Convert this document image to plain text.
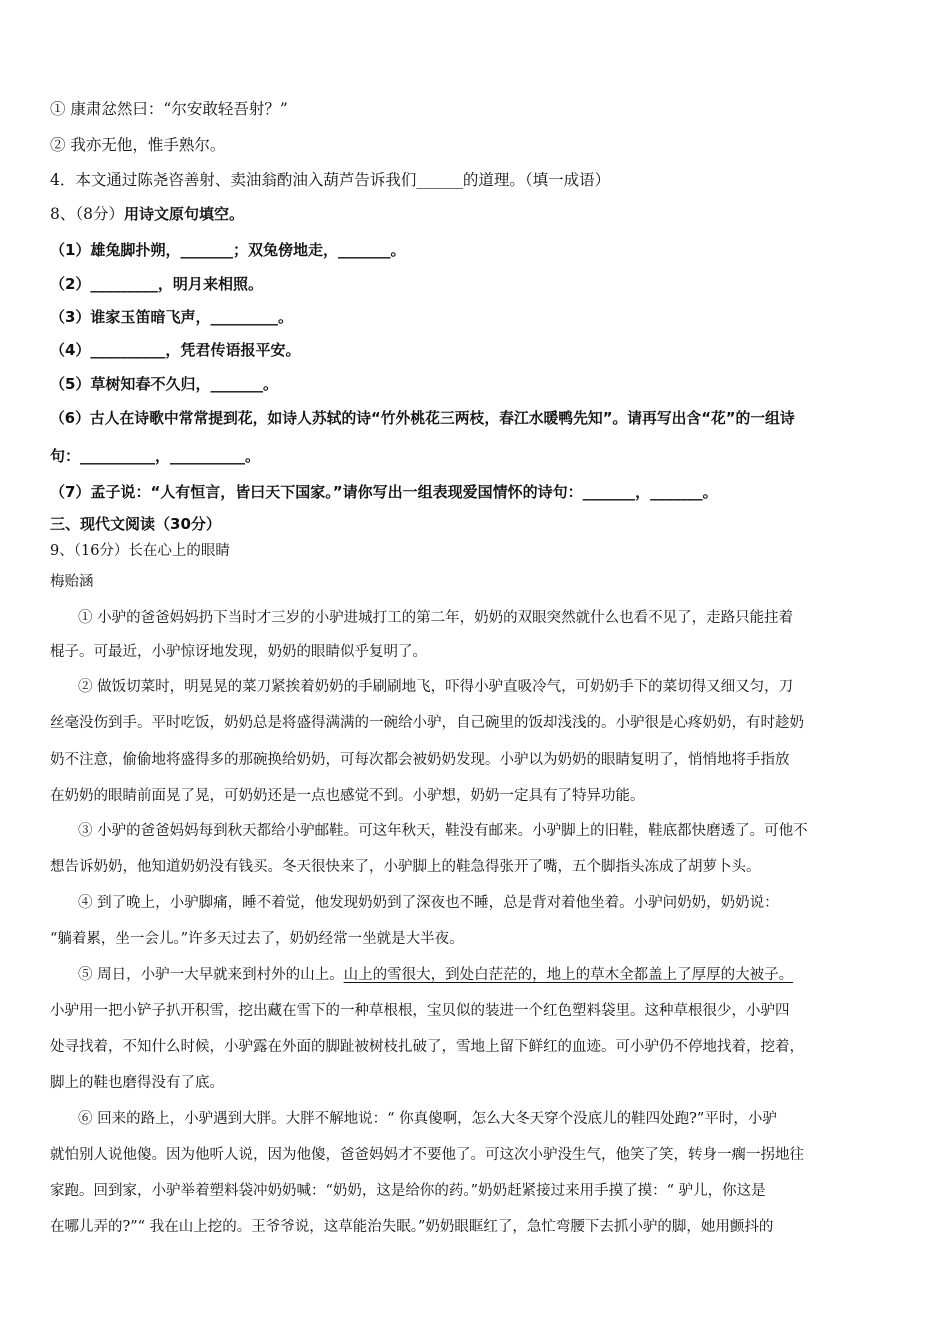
① 康肃忿然曰：“尔安敢轻吾射？”
② 我亦无他，惟手熟尔。
4．本文通过陈尧咨善射、卖油翁酌油入葫芦告诉我们______的道理。（填一成语）
8、（8分）用诗文原句填空。
（1）雄兔脚扑朔，_______；双兔傍地走，_______。
（2）_________，明月来相照。
（3）谁家玉笛暗飞声，_________。
（4）__________，凭君传语报平安。
（5）草树知春不久归，_______。
（6）古人在诗歌中常常提到花，如诗人苏轼的诗“竹外桃花三两枝，春江水暖鸭先知”。请再写出含“花”的一组诗
句：__________，__________。
（7）孟子说：“人有恒言，皆曰天下国家。”请你写出一组表现爱国情怀的诗句：_______，_______。
三、现代文阅读（30分）
9、（16分）长在心上的眼睛
梅贻涵
① 小驴的爸爸妈妈扔下当时才三岁的小驴进城打工的第二年，奶奶的双眼突然就什么也看不见了，走路只能拄着
棍子。可最近，小驴惊讶地发现，奶奶的眼睛似乎复明了。
② 做饭切菜时，明晃晃的菜刀紧挨着奶奶的手刷刷地飞，吓得小驴直吸冷气，可奶奶手下的菜切得又细又匀，刀
丝毫没伤到手。平时吃饭，奶奶总是将盛得满满的一碗给小驴，自己碗里的饭却浅浅的。小驴很是心疼奶奶，有时趁奶
奶不注意，偷偷地将盛得多的那碗换给奶奶，可每次都会被奶奶发现。小驴以为奶奶的眼睛复明了，悄悄地将手指放
在奶奶的眼睛前面晃了晃，可奶奶还是一点也感觉不到。小驴想，奶奶一定具有了特异功能。
③ 小驴的爸爸妈妈每到秋天都给小驴邮鞋。可这年秋天，鞋没有邮来。小驴脚上的旧鞋，鞋底都快磨透了。可他不
想告诉奶奶，他知道奶奶没有钱买。冬天很快来了，小驴脚上的鞋急得张开了嘴，五个脚指头冻成了胡萝卜头。
④ 到了晚上，小驴脚痛，睡不着觉，他发现奶奶到了深夜也不睡，总是背对着他坐着。小驴问奶奶，奶奶说：
“躺着累，坐一会儿。”许多天过去了，奶奶经常一坐就是大半夜。
⑤ 周日，小驴一大早就来到村外的山上。山上的雪很大，到处白茫茫的，地上的草木全都盖上了厚厚的大被子。
小驴用一把小铲子扒开积雪，挖出藏在雪下的一种草根根，宝贝似的装进一个红色塑料袋里。这种草根很少，小驴四
处寻找着，不知什么时候，小驴露在外面的脚趾被树枝扎破了，雪地上留下鲜红的血迹。可小驴仍不停地找着，挖着，
脚上的鞋也磨得没有了底。
⑥ 回来的路上，小驴遇到大胖。大胖不解地说：“ 你真傻啊，怎么大冬天穿个没底儿的鞋四处跑?”平时，小驴
就怕别人说他傻。因为他听人说，因为他傻，爸爸妈妈才不要他了。可这次小驴没生气，他笑了笑，转身一瘸一拐地往
家跑。回到家，小驴举着塑料袋冲奶奶喊：“奶奶，这是给你的药。”奶奶赶紧接过来用手摸了摸：“ 驴儿，你这是
在哪儿弄的?”“ 我在山上挖的。王爷爷说，这草能治失眠。”奶奶眼眶红了，急忙弯腰下去抓小驴的脚，她用颤抖的
